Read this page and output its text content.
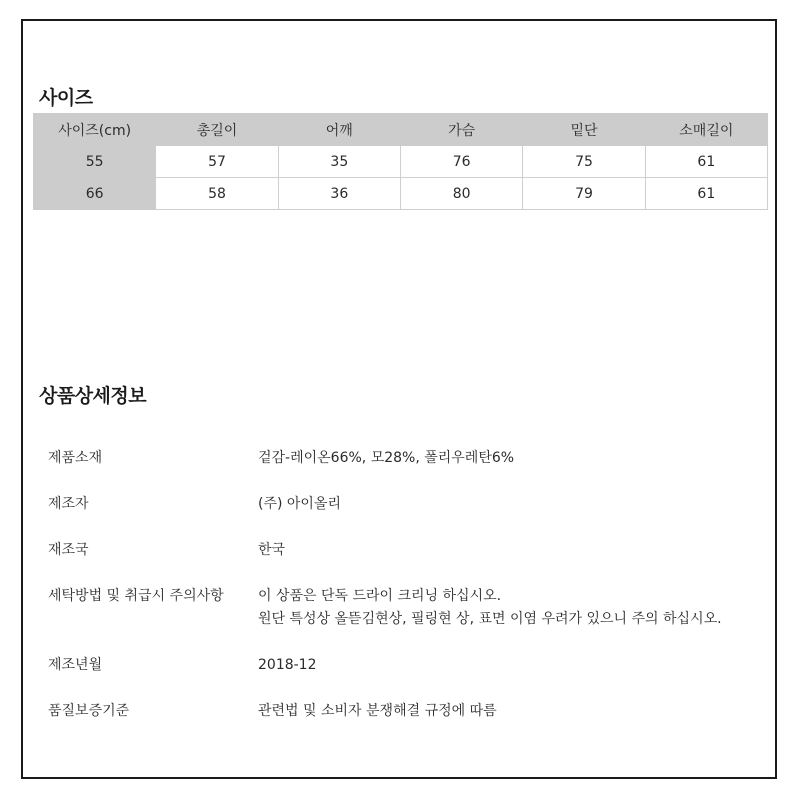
사이즈
사이즈(cm)	총길이	어깨	가슴	밑단	소매길이
55	57	35	76	75	61
66	58	36	80	79	61
상품상세정보
제품소재	겉감-레이온66%, 모28%, 폴리우레탄6%
제조자	(주) 아이올리
재조국	한국
세탁방법 및 취급시 주의사항 이 상품은 단독 드라이 크리닝 하십시오.
원단 특성상 올뜯김현상, 필링현 상, 표면 이염 우려가 있으니 주의 하십시오.
제조년월	2018-12
품질보증기준	관련법 및 소비자 분쟁해결 규정에 따름
